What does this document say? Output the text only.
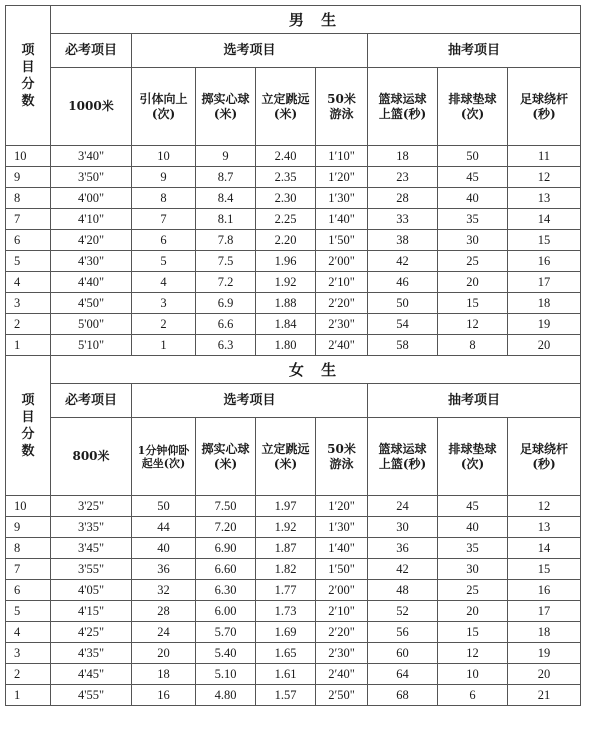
项目分数	男 生							
	必考项目	选考项目				抽考项目		
	1000米	引体向上(次)	掷实心球(米)	立定跳远(米)	50米游泳	篮球运球上篮(秒)	排球垫球(次)	足球绕杆(秒)
10	3'40"	10	9	2.40	1′10"	18	50	11
9	3'50"	9	8.7	2.35	1′20"	23	45	12
8	4'00"	8	8.4	2.30	1′30"	28	40	13
7	4'10"	7	8.1	2.25	1′40"	33	35	14
6	4'20"	6	7.8	2.20	1′50"	38	30	15
5	4'30"	5	7.5	1.96	2′00"	42	25	16
4	4'40"	4	7.2	1.92	2′10"	46	20	17
3	4'50"	3	6.9	1.88	2′20"	50	15	18
2	5'00"	2	6.6	1.84	2′30"	54	12	19
1	5'10"	1	6.3	1.80	2′40"	58	8	20
项目分数	女 生							
	必考项目	选考项目				抽考项目		
	800米	1分钟仰卧起坐(次)	掷实心球(米)	立定跳远(米)	50米游泳	篮球运球上篮(秒)	排球垫球(次)	足球绕杆(秒)
10	3'25"	50	7.50	1.97	1′20"	24	45	12
9	3'35"	44	7.20	1.92	1′30"	30	40	13
8	3'45"	40	6.90	1.87	1′40"	36	35	14
7	3'55"	36	6.60	1.82	1′50"	42	30	15
6	4'05"	32	6.30	1.77	2′00"	48	25	16
5	4'15"	28	6.00	1.73	2′10"	52	20	17
4	4'25"	24	5.70	1.69	2′20"	56	15	18
3	4'35"	20	5.40	1.65	2′30"	60	12	19
2	4'45"	18	5.10	1.61	2′40"	64	10	20
1	4'55"	16	4.80	1.57	2′50"	68	6	21
